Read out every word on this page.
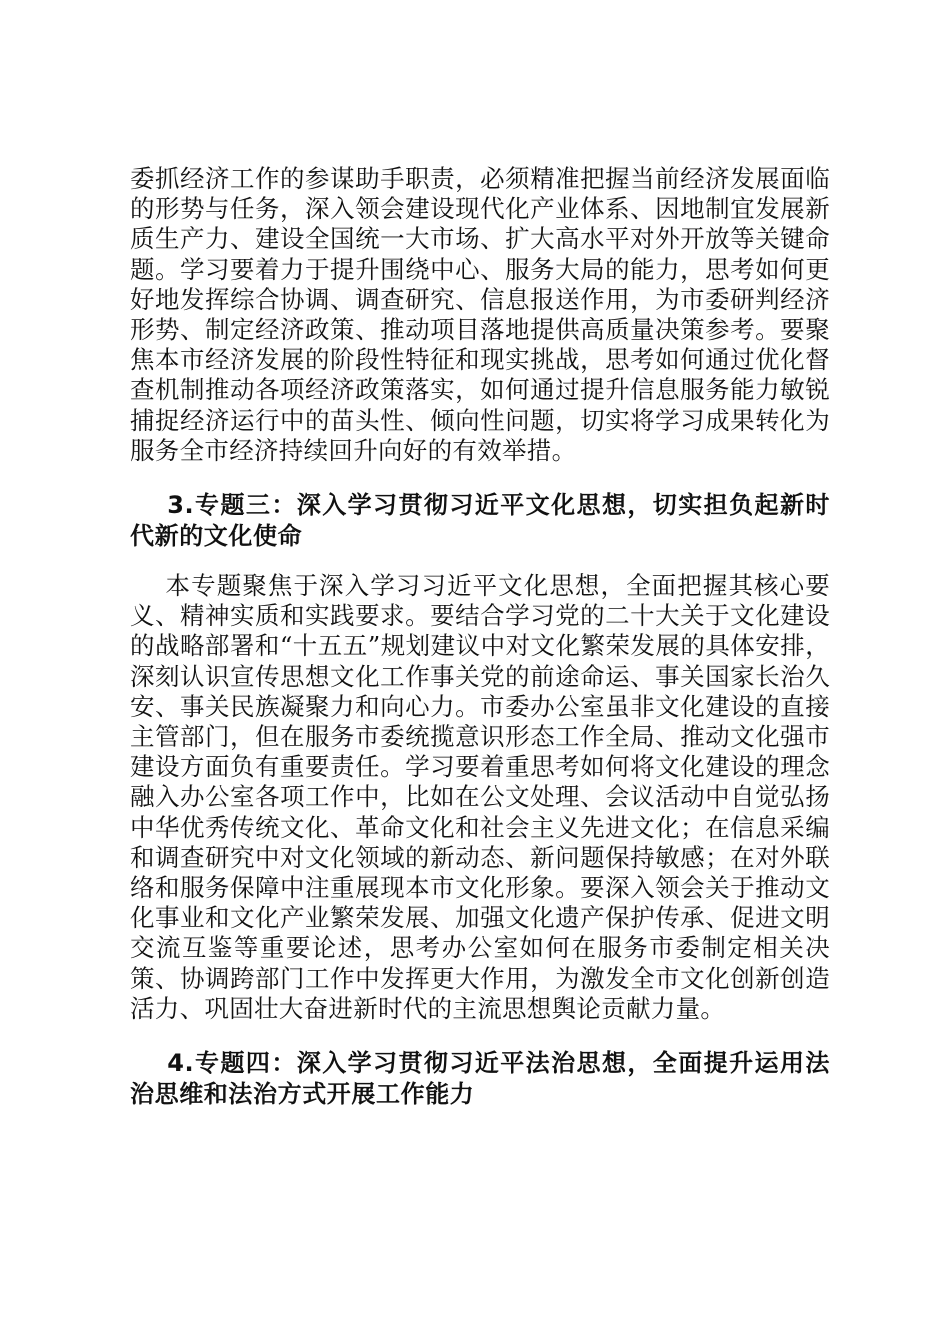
委抓经济工作的参谋助手职责，必须精准把握当前经济发展面临的形势与任务，深入领会建设现代化产业体系、因地制宜发展新质生产力、建设全国统一大市场、扩大高水平对外开放等关键命题。学习要着力于提升围绕中心、服务大局的能力，思考如何更好地发挥综合协调、调查研究、信息报送作用，为市委研判经济形势、制定经济政策、推动项目落地提供高质量决策参考。要聚焦本市经济发展的阶段性特征和现实挑战，思考如何通过优化督查机制推动各项经济政策落实，如何通过提升信息服务能力敏锐捕捉经济运行中的苗头性、倾向性问题，切实将学习成果转化为服务全市经济持续回升向好的有效举措。

3.专题三：深入学习贯彻习近平文化思想，切实担负起新时代新的文化使命

本专题聚焦于深入学习习近平文化思想，全面把握其核心要义、精神实质和实践要求。要结合学习党的二十大关于文化建设的战略部署和“十五五”规划建议中对文化繁荣发展的具体安排，深刻认识宣传思想文化工作事关党的前途命运、事关国家长治久安、事关民族凝聚力和向心力。市委办公室虽非文化建设的直接主管部门，但在服务市委统揽意识形态工作全局、推动文化强市建设方面负有重要责任。学习要着重思考如何将文化建设的理念融入办公室各项工作中，比如在公文处理、会议活动中自觉弘扬中华优秀传统文化、革命文化和社会主义先进文化；在信息采编和调查研究中对文化领域的新动态、新问题保持敏感；在对外联络和服务保障中注重展现本市文化形象。要深入领会关于推动文化事业和文化产业繁荣发展、加强文化遗产保护传承、促进文明交流互鉴等重要论述，思考办公室如何在服务市委制定相关决策、协调跨部门工作中发挥更大作用，为激发全市文化创新创造活力、巩固壮大奋进新时代的主流思想舆论贡献力量。

4.专题四：深入学习贯彻习近平法治思想，全面提升运用法治思维和法治方式开展工作能力
